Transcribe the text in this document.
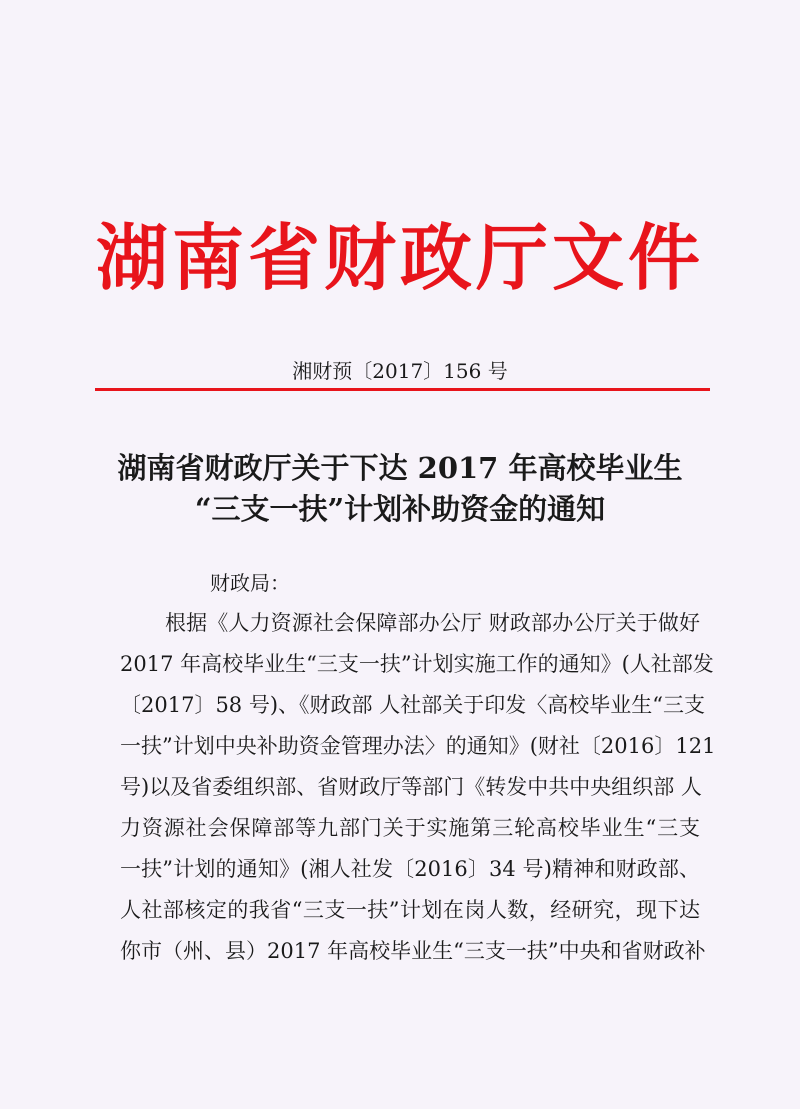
湖南省财政厅文件
湘财预〔2017〕156 号
湖南省财政厅关于下达 2017 年高校毕业生
“三支一扶”计划补助资金的通知
财政局：
根据《人力资源社会保障部办公厅 财政部办公厅关于做好
2017 年高校毕业生“三支一扶”计划实施工作的通知》(人社部发
〔2017〕58 号)、《财政部 人社部关于印发〈高校毕业生“三支
一扶”计划中央补助资金管理办法〉的通知》(财社〔2016〕121
号)以及省委组织部、省财政厅等部门《转发中共中央组织部 人
力资源社会保障部等九部门关于实施第三轮高校毕业生“三支
一扶”计划的通知》(湘人社发〔2016〕34 号)精神和财政部、
人社部核定的我省“三支一扶”计划在岗人数，经研究，现下达
你市（州、县）2017 年高校毕业生“三支一扶”中央和省财政补
